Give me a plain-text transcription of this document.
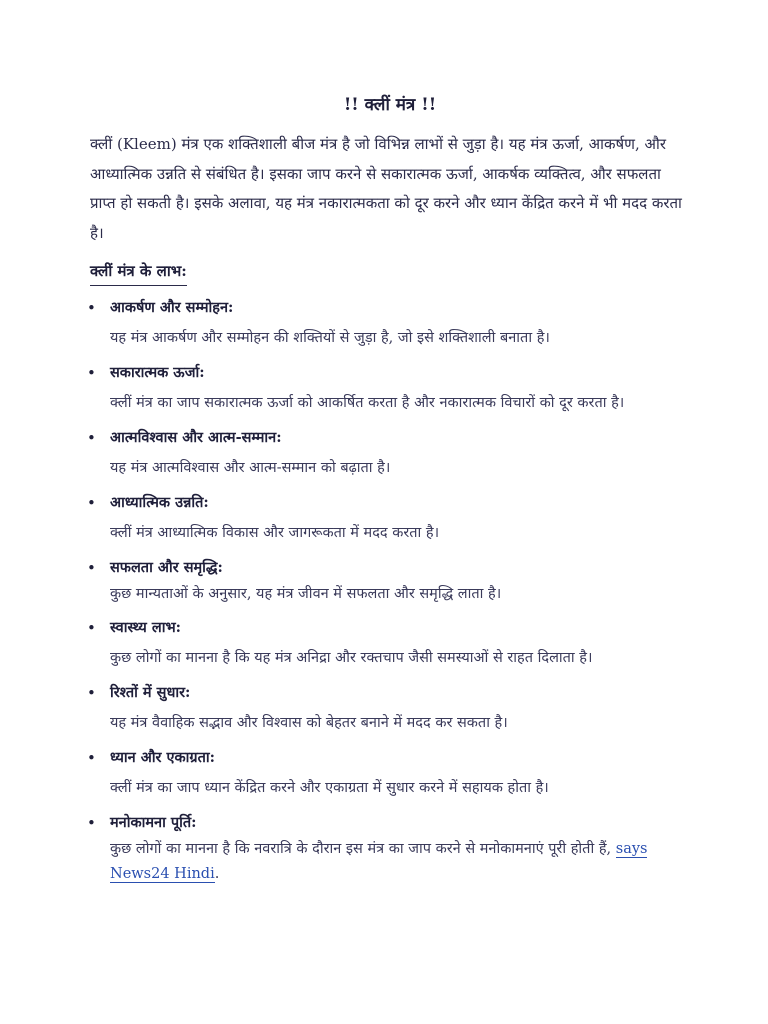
!! क्लीं मंत्र !!

क्लीं (Kleem) मंत्र एक शक्तिशाली बीज मंत्र है जो विभिन्न लाभों से जुड़ा है। यह मंत्र ऊर्जा, आकर्षण, और आध्यात्मिक उन्नति से संबंधित है। इसका जाप करने से सकारात्मक ऊर्जा, आकर्षक व्यक्तित्व, और सफलता प्राप्त हो सकती है। इसके अलावा, यह मंत्र नकारात्मकता को दूर करने और ध्यान केंद्रित करने में भी मदद करता है।

क्लीं मंत्र के लाभ:
• आकर्षण और सम्मोहन:
यह मंत्र आकर्षण और सम्मोहन की शक्तियों से जुड़ा है, जो इसे शक्तिशाली बनाता है।
• सकारात्मक ऊर्जा:
क्लीं मंत्र का जाप सकारात्मक ऊर्जा को आकर्षित करता है और नकारात्मक विचारों को दूर करता है।
• आत्मविश्वास और आत्म-सम्मान:
यह मंत्र आत्मविश्वास और आत्म-सम्मान को बढ़ाता है।
• आध्यात्मिक उन्नति:
क्लीं मंत्र आध्यात्मिक विकास और जागरूकता में मदद करता है।
• सफलता और समृद्धि:
कुछ मान्यताओं के अनुसार, यह मंत्र जीवन में सफलता और समृद्धि लाता है।
• स्वास्थ्य लाभ:
कुछ लोगों का मानना है कि यह मंत्र अनिद्रा और रक्तचाप जैसी समस्याओं से राहत दिलाता है।
• रिश्तों में सुधार:
यह मंत्र वैवाहिक सद्भाव और विश्वास को बेहतर बनाने में मदद कर सकता है।
• ध्यान और एकाग्रता:
क्लीं मंत्र का जाप ध्यान केंद्रित करने और एकाग्रता में सुधार करने में सहायक होता है।
• मनोकामना पूर्ति:
कुछ लोगों का मानना है कि नवरात्रि के दौरान इस मंत्र का जाप करने से मनोकामनाएं पूरी होती हैं, says News24 Hindi.
